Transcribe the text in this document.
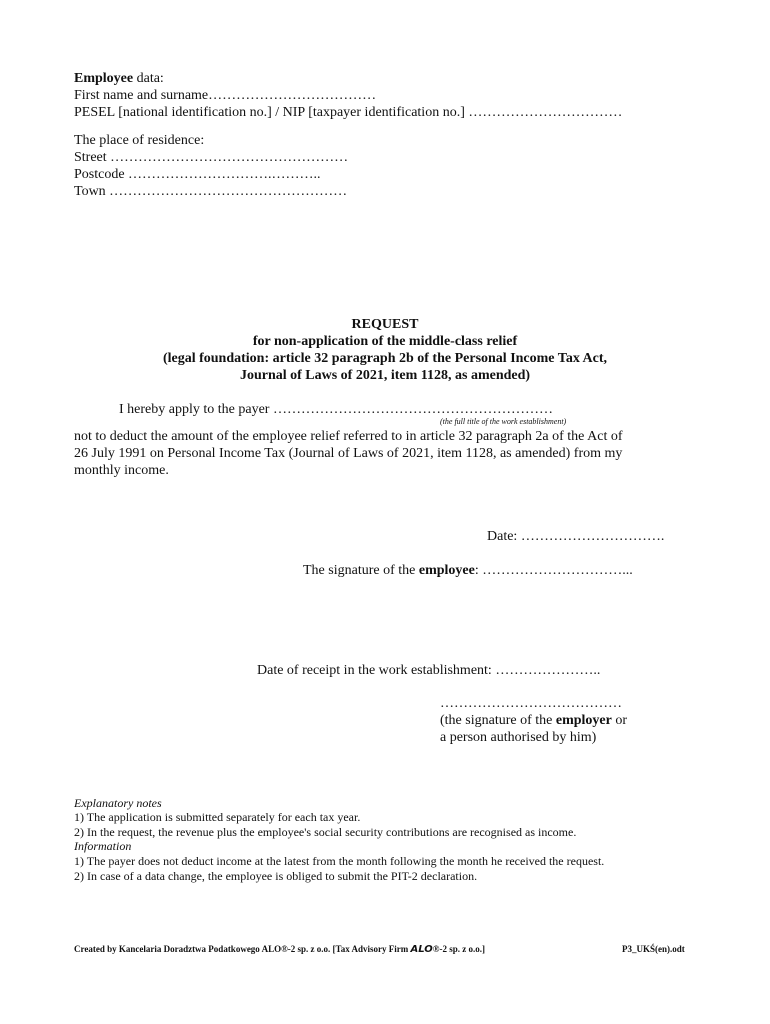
Employee data:
First name and surname………………………………
PESEL [national identification no.] / NIP [taxpayer identification no.] ……………………………
The place of residence:
Street ……………………………………………
Postcode ………………………….………..
Town ……………………………………………
REQUEST
for non-application of the middle-class relief
(legal foundation: article 32 paragraph 2b of the Personal Income Tax Act,
Journal of Laws of 2021, item 1128, as amended)
I hereby apply to the payer ……………………………………………………
(the full title of the work establishment)
not to deduct the amount of the employee relief referred to in article 32 paragraph 2a of the Act of
26 July 1991 on Personal Income Tax (Journal of Laws of 2021, item 1128, as amended) from my
monthly income.
Date: ………………………….
The signature of the employee: …………………………...
Date of receipt in the work establishment: …………………..
…………………………………
(the signature of the employer or
a person authorised by him)
Explanatory notes
1) The application is submitted separately for each tax year.
2) In the request, the revenue plus the employee's social security contributions are recognised as income.
Information
1) The payer does not deduct income at the latest from the month following the month he received the request.
2) In case of a data change, the employee is obliged to submit the PIT-2 declaration.
Created by Kancelaria Doradztwa Podatkowego ALO®-2 sp. z o.o. [Tax Advisory Firm ALO®-2 sp. z o.o.]	P3_UKŚ(en).odt
